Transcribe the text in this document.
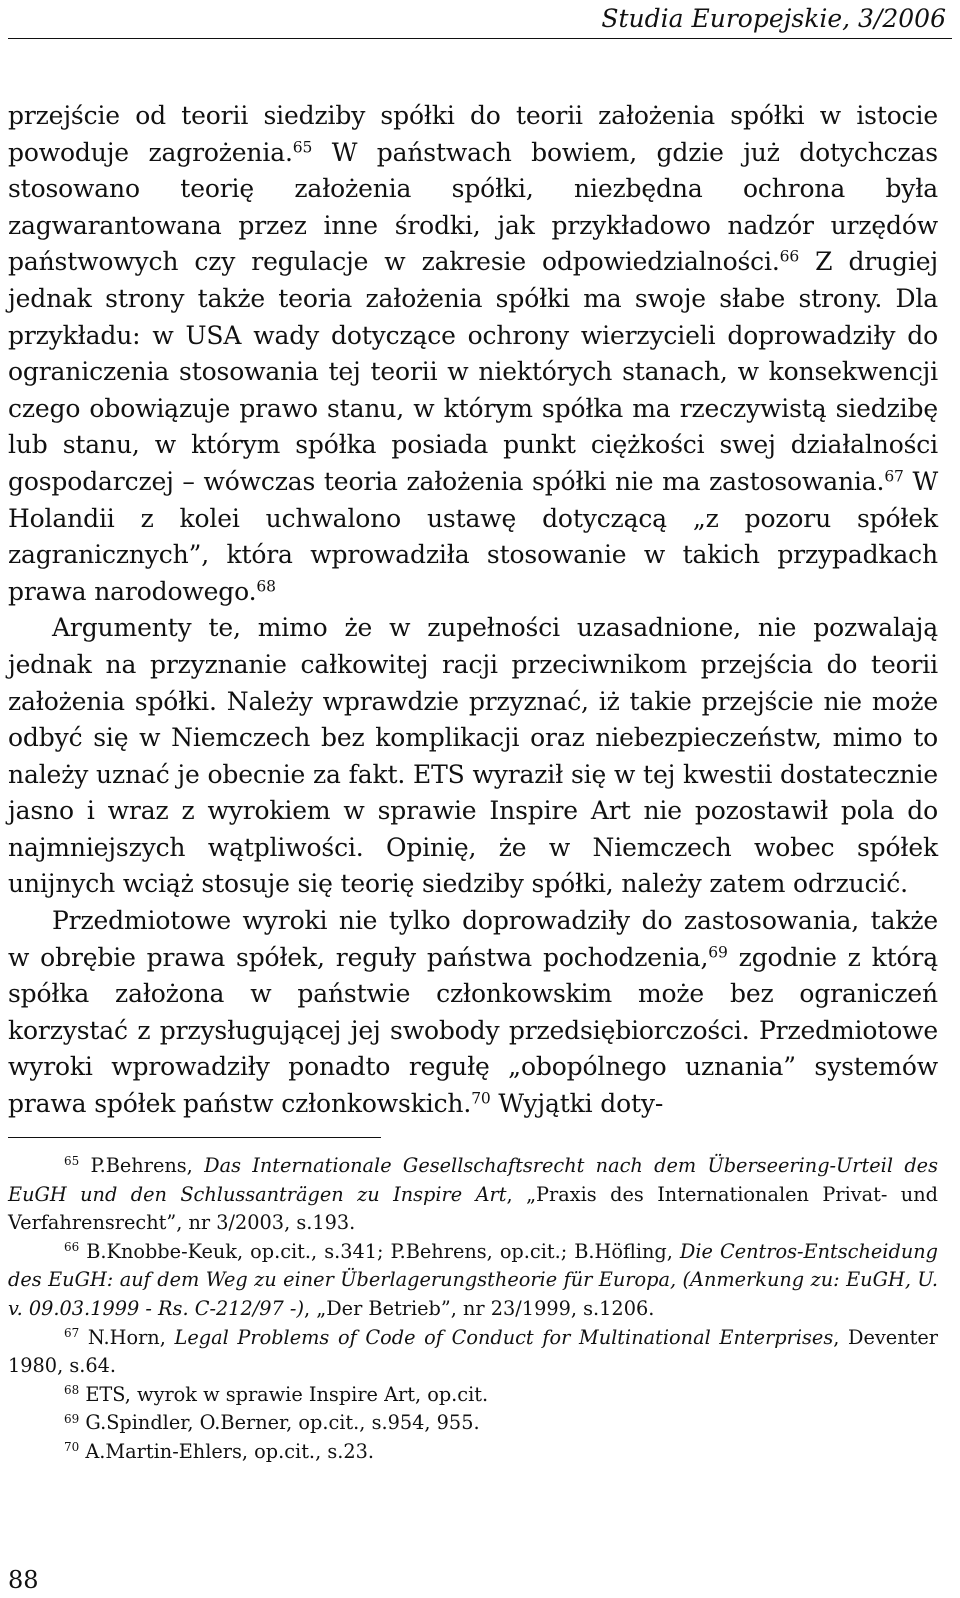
Studia Europejskie, 3/2006

przejście od teorii siedziby spółki do teorii założenia spółki w istocie powoduje zagrożenia.$^{65}$ W państwach bowiem, gdzie już dotychczas stosowano teorię założenia spółki, niezbędna ochrona była zagwarantowana przez inne środki, jak przykładowo nadzór urzędów państwowych czy regulacje w zakresie odpowiedzialności.$^{66}$ Z drugiej jednak strony także teoria założenia spółki ma swoje słabe strony. Dla przykładu: w USA wady dotyczące ochrony wierzycieli doprowadziły do ograniczenia stosowania tej teorii w niektórych stanach, w konsekwencji czego obowiązuje prawo stanu, w którym spółka ma rzeczywistą siedzibę lub stanu, w którym spółka posiada punkt ciężkości swej działalności gospodarczej – wówczas teoria założenia spółki nie ma zastosowania.$^{67}$ W Holandii z kolei uchwalono ustawę dotyczącą „z pozoru spółek zagranicznych”, która wprowadziła stosowanie w takich przypadkach prawa narodowego.$^{68}$

Argumenty te, mimo że w zupełności uzasadnione, nie pozwalają jednak na przyznanie całkowitej racji przeciwnikom przejścia do teorii założenia spółki. Należy wprawdzie przyznać, iż takie przejście nie może odbyć się w Niemczech bez komplikacji oraz niebezpieczeństw, mimo to należy uznać je obecnie za fakt. ETS wyraził się w tej kwestii dostatecznie jasno i wraz z wyrokiem w sprawie Inspire Art nie pozostawił pola do najmniejszych wątpliwości. Opinię, że w Niemczech wobec spółek unijnych wciąż stosuje się teorię siedziby spółki, należy zatem odrzucić.

Przedmiotowe wyroki nie tylko doprowadziły do zastosowania, także w obrębie prawa spółek, reguły państwa pochodzenia,$^{69}$ zgodnie z którą spółka założona w państwie członkowskim może bez ograniczeń korzystać z przysługującej jej swobody przedsiębiorczości. Przedmiotowe wyroki wprowadziły ponadto regułę „obopólnego uznania” systemów prawa spółek państw członkowskich.$^{70}$ Wyjątki doty-

$^{65}$ P.Behrens, Das Internationale Gesellschaftsrecht nach dem Überseering-Urteil des EuGH und den Schlussanträgen zu Inspire Art, „Praxis des Internationalen Privat- und Verfahrensrecht”, nr 3/2003, s.193.

$^{66}$ B.Knobbe-Keuk, op.cit., s.341; P.Behrens, op.cit.; B.Höfling, Die Centros-Entscheidung des EuGH: auf dem Weg zu einer Überlagerungstheorie für Europa, (Anmerkung zu: EuGH, U. v. 09.03.1999 - Rs. C-212/97 -), „Der Betrieb”, nr 23/1999, s.1206.

$^{67}$ N.Horn, Legal Problems of Code of Conduct for Multinational Enterprises, Deventer 1980, s.64.

$^{68}$ ETS, wyrok w sprawie Inspire Art, op.cit.

$^{69}$ G.Spindler, O.Berner, op.cit., s.954, 955.

$^{70}$ A.Martin-Ehlers, op.cit., s.23.

88
